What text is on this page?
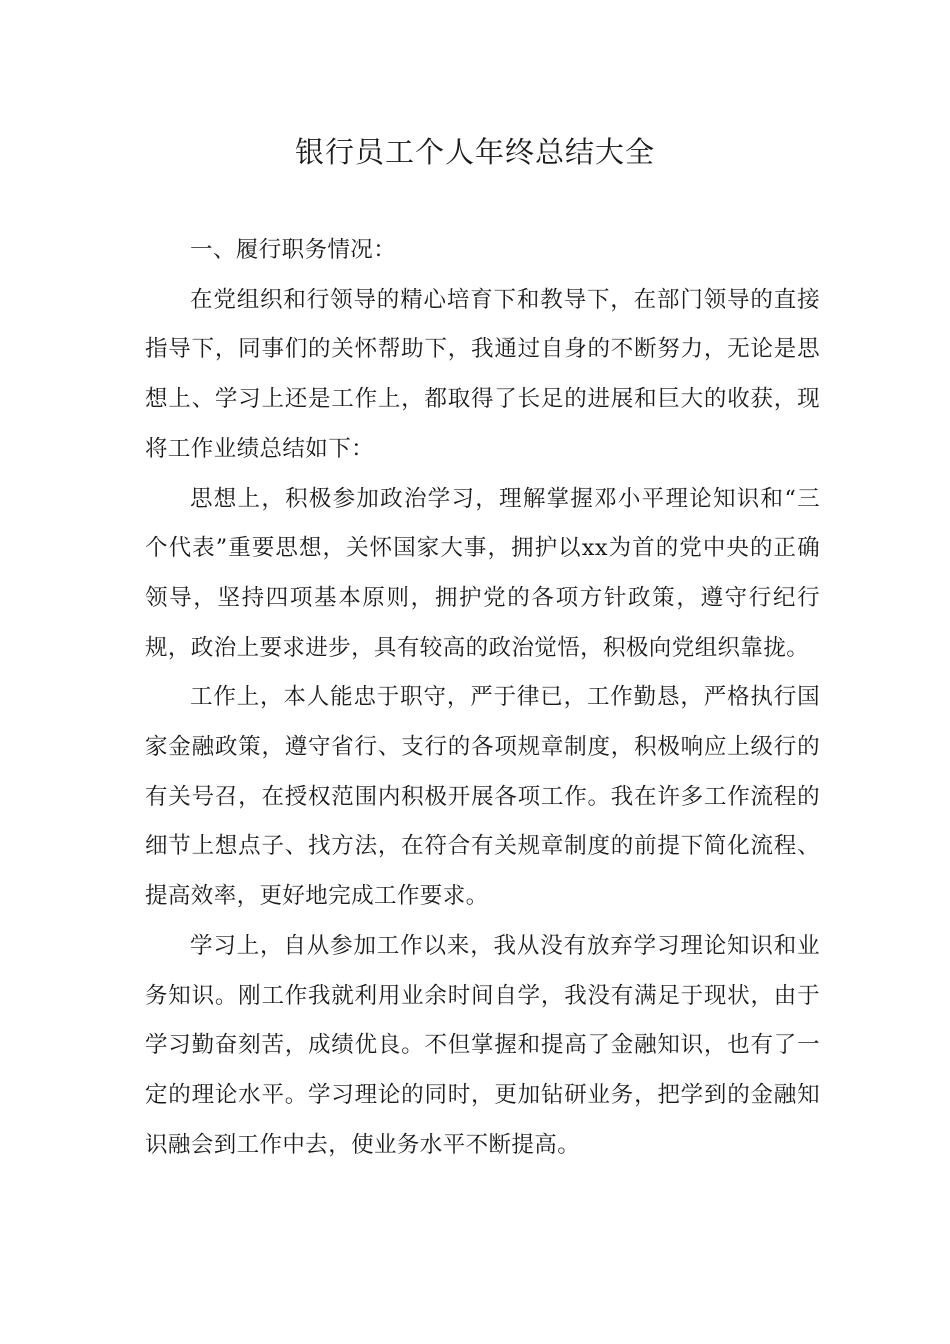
银行员工个人年终总结大全

一、履行职务情况：

在党组织和行领导的精心培育下和教导下，在部门领导的直接指导下，同事们的关怀帮助下，我通过自身的不断努力，无论是思想上、学习上还是工作上，都取得了长足的进展和巨大的收获，现将工作业绩总结如下：

思想上，积极参加政治学习，理解掌握邓小平理论知识和“三个代表”重要思想，关怀国家大事，拥护以xx为首的党中央的正确领导，坚持四项基本原则，拥护党的各项方针政策，遵守行纪行规，政治上要求进步，具有较高的政治觉悟，积极向党组织靠拢。

工作上，本人能忠于职守，严于律已，工作勤恳，严格执行国家金融政策，遵守省行、支行的各项规章制度，积极响应上级行的有关号召，在授权范围内积极开展各项工作。我在许多工作流程的细节上想点子、找方法，在符合有关规章制度的前提下简化流程、提高效率，更好地完成工作要求。

学习上，自从参加工作以来，我从没有放弃学习理论知识和业务知识。刚工作我就利用业余时间自学，我没有满足于现状，由于学习勤奋刻苦，成绩优良。不但掌握和提高了金融知识，也有了一定的理论水平。学习理论的同时，更加钻研业务，把学到的金融知识融会到工作中去，使业务水平不断提高。
